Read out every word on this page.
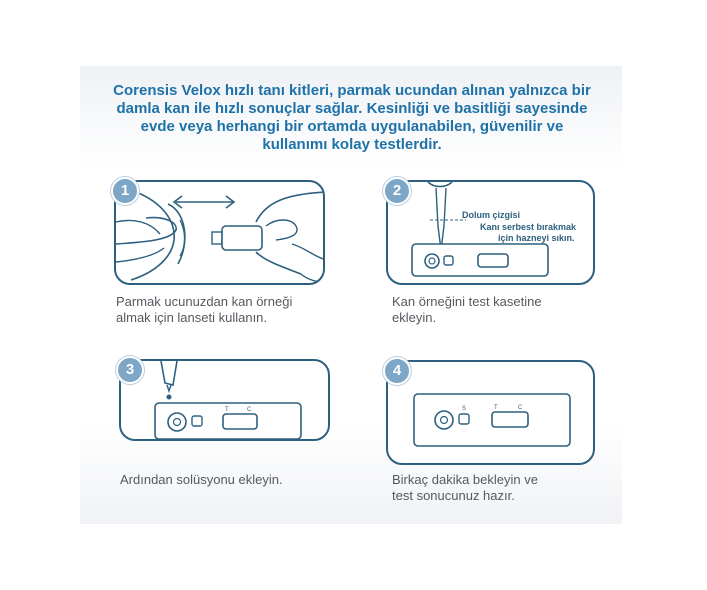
Corensis Velox hızlı tanı kitleri, parmak ucundan alınan yalnızca bir damla kan ile hızlı sonuçlar sağlar. Kesinliği ve basitliği sayesinde evde veya herhangi bir ortamda uygulanabilen, güvenilir ve kullanımı kolay testlerdir.
1
Parmak ucunuzdan kan örneği
almak için lanseti kullanın.
Dolum çizgisi
Kanı serbest bırakmak
için hazneyi sıkın.
2
Kan örneğini test kasetine
ekleyin.
T	C
3
Ardından solüsyonu ekleyin.
T	C
S
4
Birkaç dakika bekleyin ve
test sonucunuz hazır.
